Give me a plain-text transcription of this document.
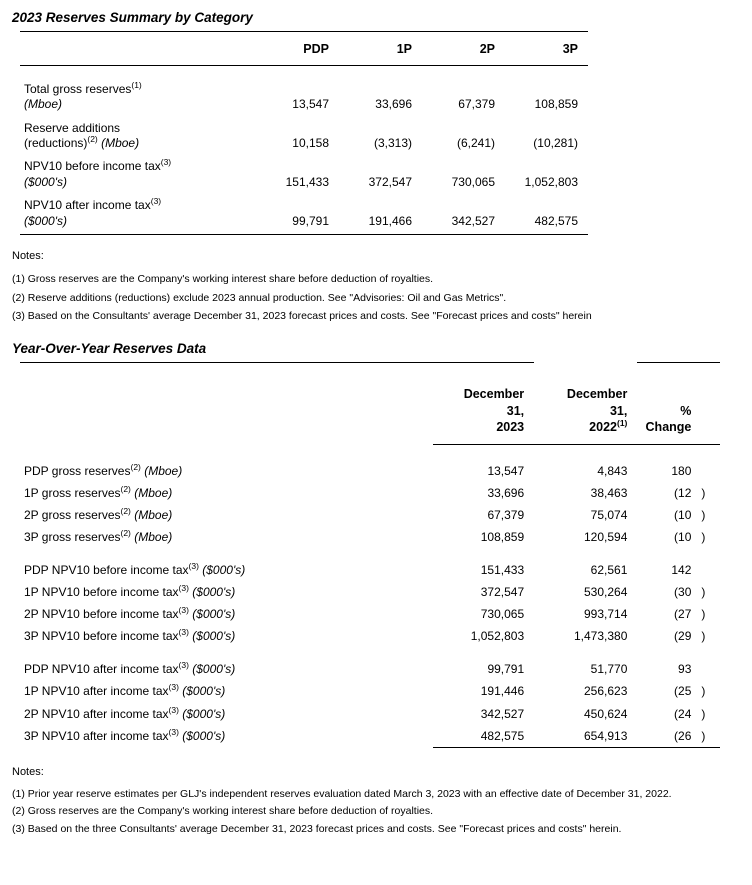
2023 Reserves Summary by Category

	PDP	1P	2P	3P

Total gross reserves$^{(1)}$
(Mboe)	13,547	33,696	67,379	108,859
Reserve additions
(reductions)$^{(2)}$ (Mboe)	10,158	(3,313)	(6,241)	(10,281)
NPV10 before income tax$^{(3)}$
($000's)	151,433	372,547	730,065	1,052,803
NPV10 after income tax$^{(3)}$
($000's)	99,791	191,466	342,527	482,575

Notes:
(1) Gross reserves are the Company's working interest share before deduction of royalties.
(2) Reserve additions (reductions) exclude 2023 annual production. See "Advisories: Oil and Gas Metrics".
(3) Based on the Consultants' average December 31, 2023 forecast prices and costs. See "Forecast prices and costs" herein
Year-Over-Year Reserves Data

	December
31,
2023	December
31,
2022$^{(1)}$	%
Change	

PDP gross reserves$^{(2)}$ (Mboe)	13,547	4,843	180	
1P gross reserves$^{(2)}$ (Mboe)	33,696	38,463	(12	)
2P gross reserves$^{(2)}$ (Mboe)	67,379	75,074	(10	)
3P gross reserves$^{(2)}$ (Mboe)	108,859	120,594	(10	)

PDP NPV10 before income tax$^{(3)}$ ($000's)	151,433	62,561	142	
1P NPV10 before income tax$^{(3)}$ ($000's)	372,547	530,264	(30	)
2P NPV10 before income tax$^{(3)}$ ($000's)	730,065	993,714	(27	)
3P NPV10 before income tax$^{(3)}$ ($000's)	1,052,803	1,473,380	(29	)

PDP NPV10 after income tax$^{(3)}$ ($000's)	99,791	51,770	93	
1P NPV10 after income tax$^{(3)}$ ($000's)	191,446	256,623	(25	)
2P NPV10 after income tax$^{(3)}$ ($000's)	342,527	450,624	(24	)
3P NPV10 after income tax$^{(3)}$ ($000's)	482,575	654,913	(26	)

Notes:
(1) Prior year reserve estimates per GLJ's independent reserves evaluation dated March 3, 2023 with an effective date of December 31, 2022.
(2) Gross reserves are the Company's working interest share before deduction of royalties.
(3) Based on the three Consultants' average December 31, 2023 forecast prices and costs. See "Forecast prices and costs" herein.
